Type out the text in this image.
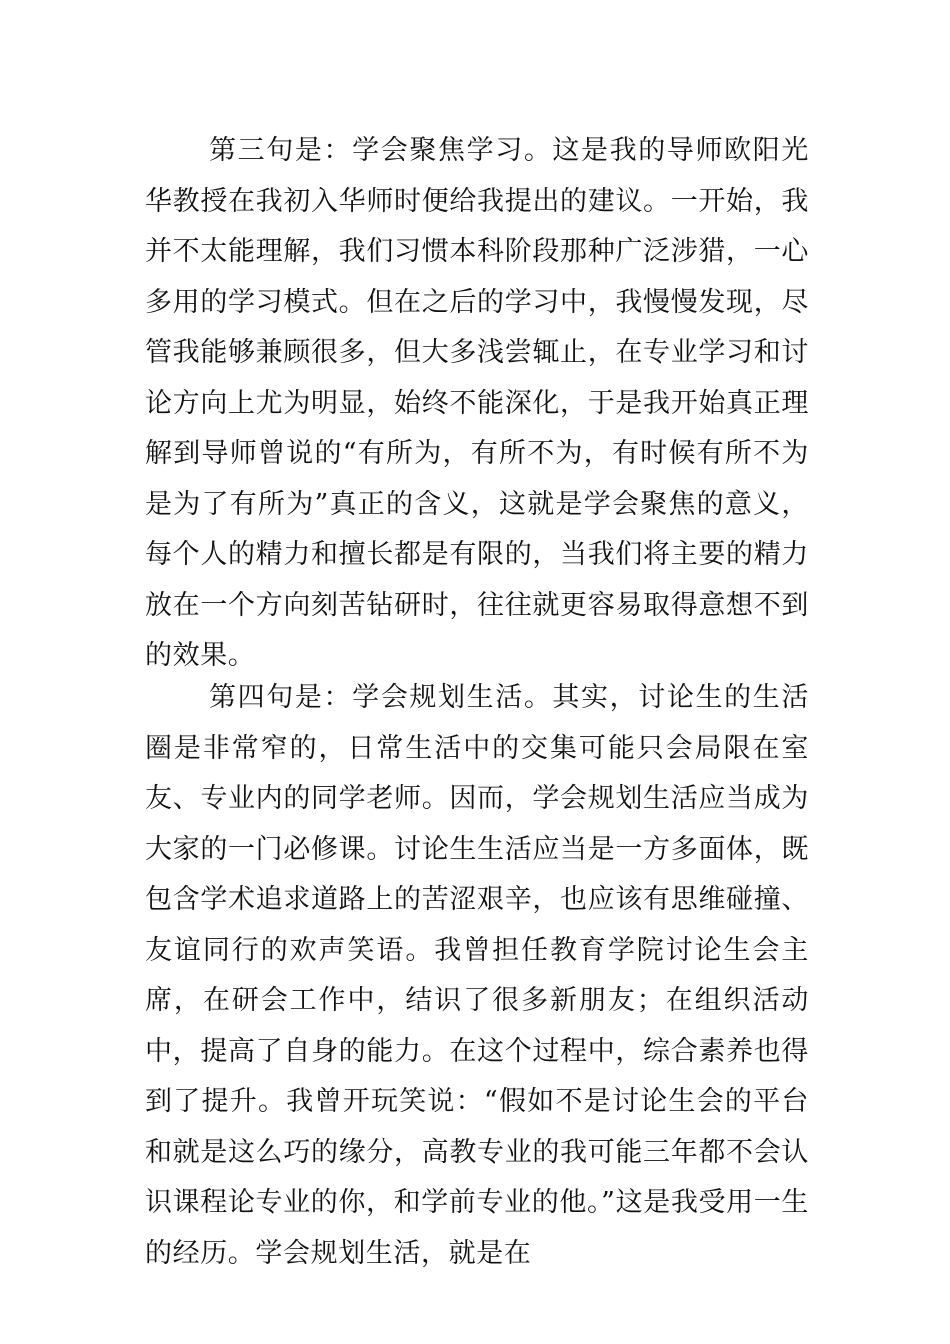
第三句是：学会聚焦学习。这是我的导师欧阳光华教授在我初入华师时便给我提出的建议。一开始，我并不太能理解，我们习惯本科阶段那种广泛涉猎，一心多用的学习模式。但在之后的学习中，我慢慢发现，尽管我能够兼顾很多，但大多浅尝辄止，在专业学习和讨论方向上尤为明显，始终不能深化，于是我开始真正理解到导师曾说的“有所为，有所不为，有时候有所不为是为了有所为”真正的含义，这就是学会聚焦的意义，每个人的精力和擅长都是有限的，当我们将主要的精力放在一个方向刻苦钻研时，往往就更容易取得意想不到的效果。

第四句是：学会规划生活。其实，讨论生的生活圈是非常窄的，日常生活中的交集可能只会局限在室友、专业内的同学老师。因而，学会规划生活应当成为大家的一门必修课。讨论生生活应当是一方多面体，既包含学术追求道路上的苦涩艰辛，也应该有思维碰撞、友谊同行的欢声笑语。我曾担任教育学院讨论生会主席，在研会工作中，结识了很多新朋友；在组织活动中，提高了自身的能力。在这个过程中，综合素养也得到了提升。我曾开玩笑说：“假如不是讨论生会的平台和就是这么巧的缘分，高教专业的我可能三年都不会认识课程论专业的你，和学前专业的他。”这是我受用一生的经历。学会规划生活，就是在
